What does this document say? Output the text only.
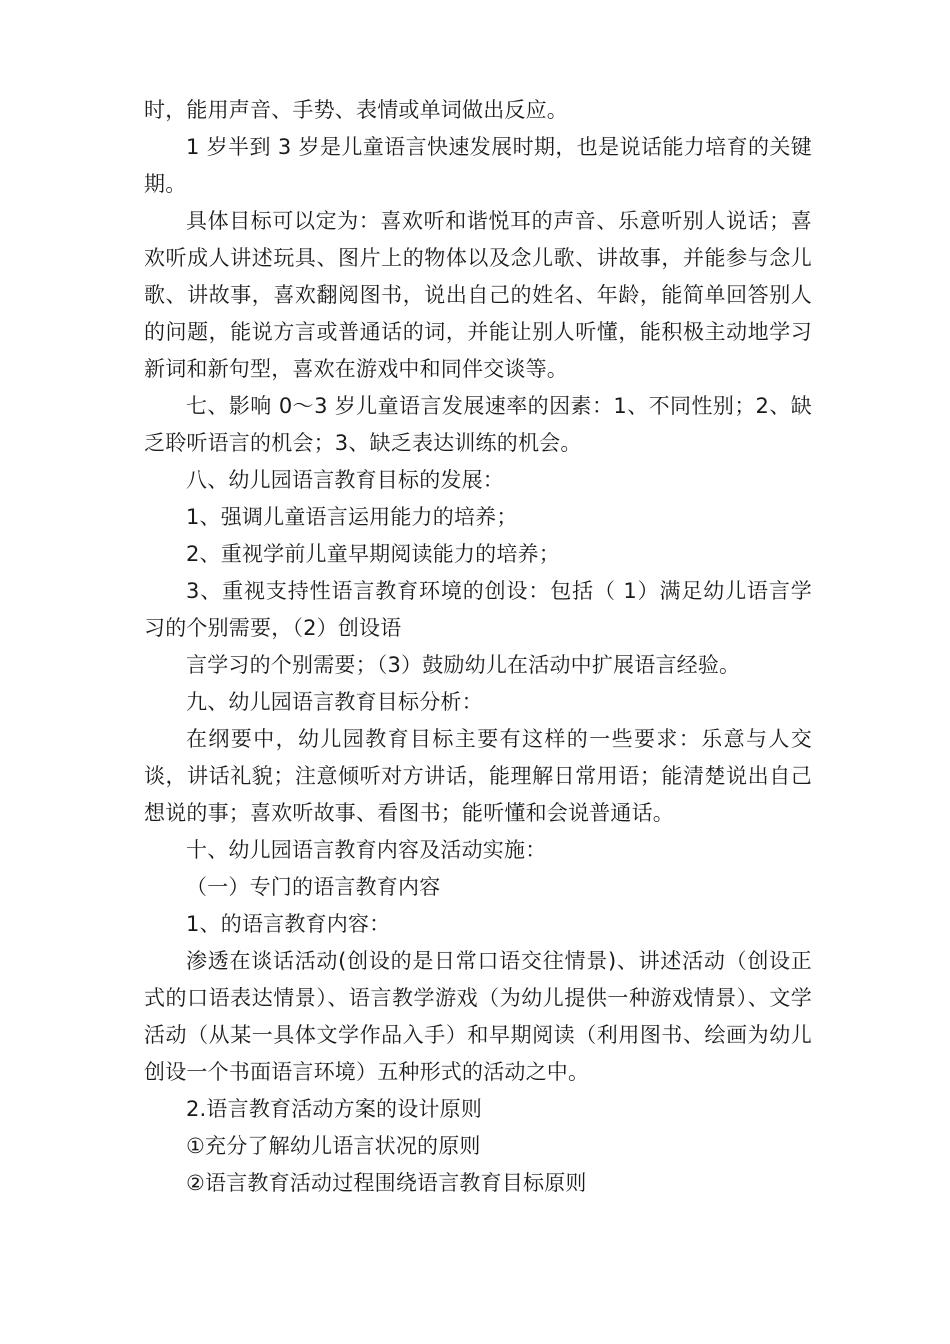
时，能用声音、手势、表情或单词做出反应。

1 岁半到 3 岁是儿童语言快速发展时期，也是说话能力培育的关键期。

具体目标可以定为：喜欢听和谐悦耳的声音、乐意听别人说话；喜欢听成人讲述玩具、图片上的物体以及念儿歌、讲故事，并能参与念儿歌、讲故事，喜欢翻阅图书，说出自己的姓名、年龄，能简单回答别人的问题，能说方言或普通话的词，并能让别人听懂，能积极主动地学习新词和新句型，喜欢在游戏中和同伴交谈等。

七、影响 0～3 岁儿童语言发展速率的因素：1、不同性别；2、缺乏聆听语言的机会；3、缺乏表达训练的机会。

八、幼儿园语言教育目标的发展：

1、强调儿童语言运用能力的培养；

2、重视学前儿童早期阅读能力的培养；

3、重视支持性语言教育环境的创设：包括（ 1）满足幼儿语言学习的个别需要，（2）创设语

言学习的个别需要；（3）鼓励幼儿在活动中扩展语言经验。

九、幼儿园语言教育目标分析：

在纲要中，幼儿园教育目标主要有这样的一些要求：乐意与人交谈，讲话礼貌；注意倾听对方讲话，能理解日常用语；能清楚说出自己想说的事；喜欢听故事、看图书；能听懂和会说普通话。

十、幼儿园语言教育内容及活动实施：

（一）专门的语言教育内容

1、的语言教育内容：

渗透在谈话活动(创设的是日常口语交往情景)、讲述活动（创设正式的口语表达情景）、语言教学游戏（为幼儿提供一种游戏情景）、文学活动（从某一具体文学作品入手）和早期阅读（利用图书、绘画为幼儿创设一个书面语言环境）五种形式的活动之中。

2.语言教育活动方案的设计原则

①充分了解幼儿语言状况的原则

②语言教育活动过程围绕语言教育目标原则
